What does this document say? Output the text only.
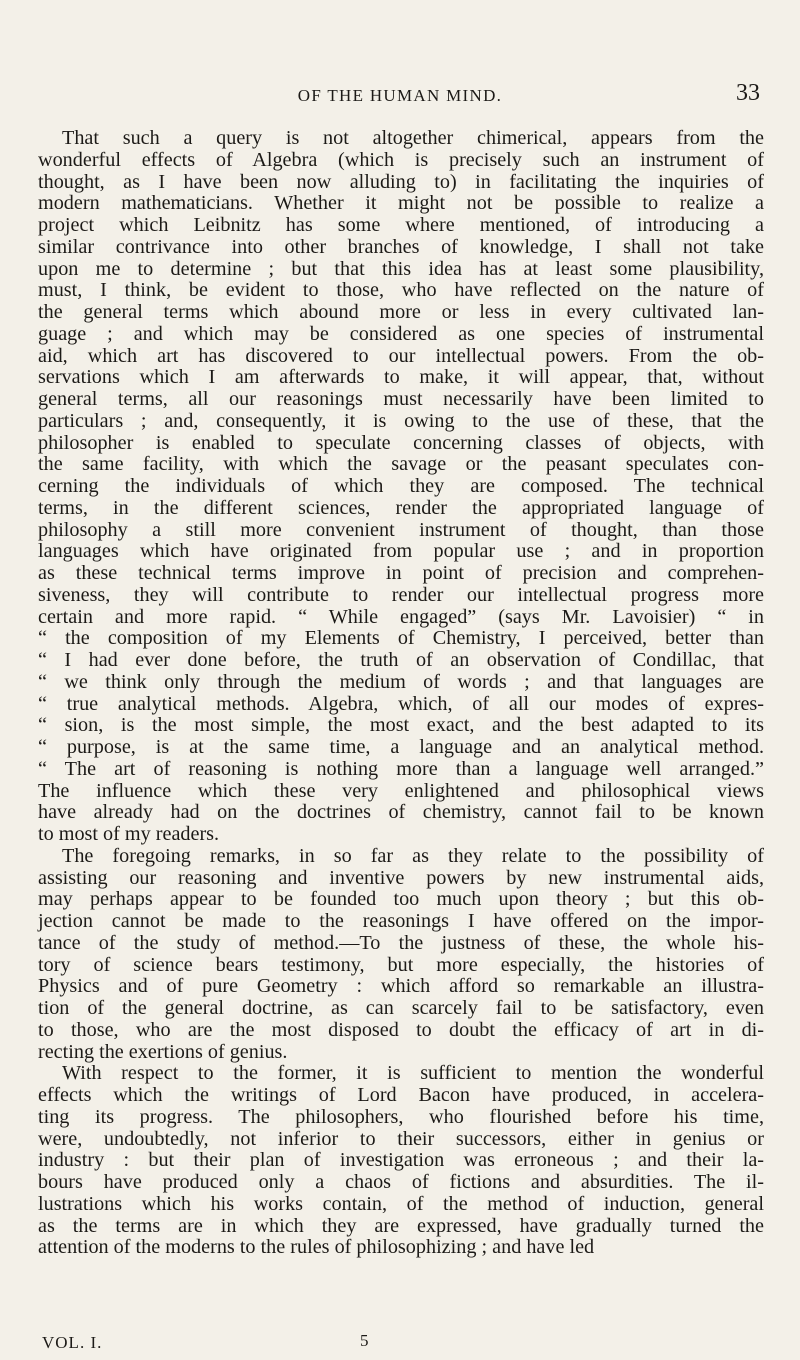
OF THE HUMAN MIND.	33
That such a query is not altogether chimerical, appears from the
wonderful effects of Algebra (which is precisely such an instrument of
thought, as I have been now alluding to) in facilitating the inquiries of
modern mathematicians. Whether it might not be possible to realize a
project which Leibnitz has some where mentioned, of introducing a
similar contrivance into other branches of knowledge, I shall not take
upon me to determine ; but that this idea has at least some plausibility,
must, I think, be evident to those, who have reflected on the nature of
the general terms which abound more or less in every cultivated lan-
guage ; and which may be considered as one species of instrumental
aid, which art has discovered to our intellectual powers. From the ob-
servations which I am afterwards to make, it will appear, that, without
general terms, all our reasonings must necessarily have been limited to
particulars ; and, consequently, it is owing to the use of these, that the
philosopher is enabled to speculate concerning classes of objects, with
the same facility, with which the savage or the peasant speculates con-
cerning the individuals of which they are composed. The technical
terms, in the different sciences, render the appropriated language of
philosophy a still more convenient instrument of thought, than those
languages which have originated from popular use ; and in proportion
as these technical terms improve in point of precision and comprehen-
siveness, they will contribute to render our intellectual progress more
certain and more rapid. “ While engaged” (says Mr. Lavoisier) “ in
“ the composition of my Elements of Chemistry, I perceived, better than
“ I had ever done before, the truth of an observation of Condillac, that
“ we think only through the medium of words ; and that languages are
“ true analytical methods. Algebra, which, of all our modes of expres-
“ sion, is the most simple, the most exact, and the best adapted to its
“ purpose, is at the same time, a language and an analytical method.
“ The art of reasoning is nothing more than a language well arranged.”
The influence which these very enlightened and philosophical views
have already had on the doctrines of chemistry, cannot fail to be known
to most of my readers.
The foregoing remarks, in so far as they relate to the possibility of
assisting our reasoning and inventive powers by new instrumental aids,
may perhaps appear to be founded too much upon theory ; but this ob-
jection cannot be made to the reasonings I have offered on the impor-
tance of the study of method.—To the justness of these, the whole his-
tory of science bears testimony, but more especially, the histories of
Physics and of pure Geometry : which afford so remarkable an illustra-
tion of the general doctrine, as can scarcely fail to be satisfactory, even
to those, who are the most disposed to doubt the efficacy of art in di-
recting the exertions of genius.
With respect to the former, it is sufficient to mention the wonderful
effects which the writings of Lord Bacon have produced, in accelera-
ting its progress. The philosophers, who flourished before his time,
were, undoubtedly, not inferior to their successors, either in genius or
industry : but their plan of investigation was erroneous ; and their la-
bours have produced only a chaos of fictions and absurdities. The il-
lustrations which his works contain, of the method of induction, general
as the terms are in which they are expressed, have gradually turned the
attention of the moderns to the rules of philosophizing ; and have led
VOL. I.	5
